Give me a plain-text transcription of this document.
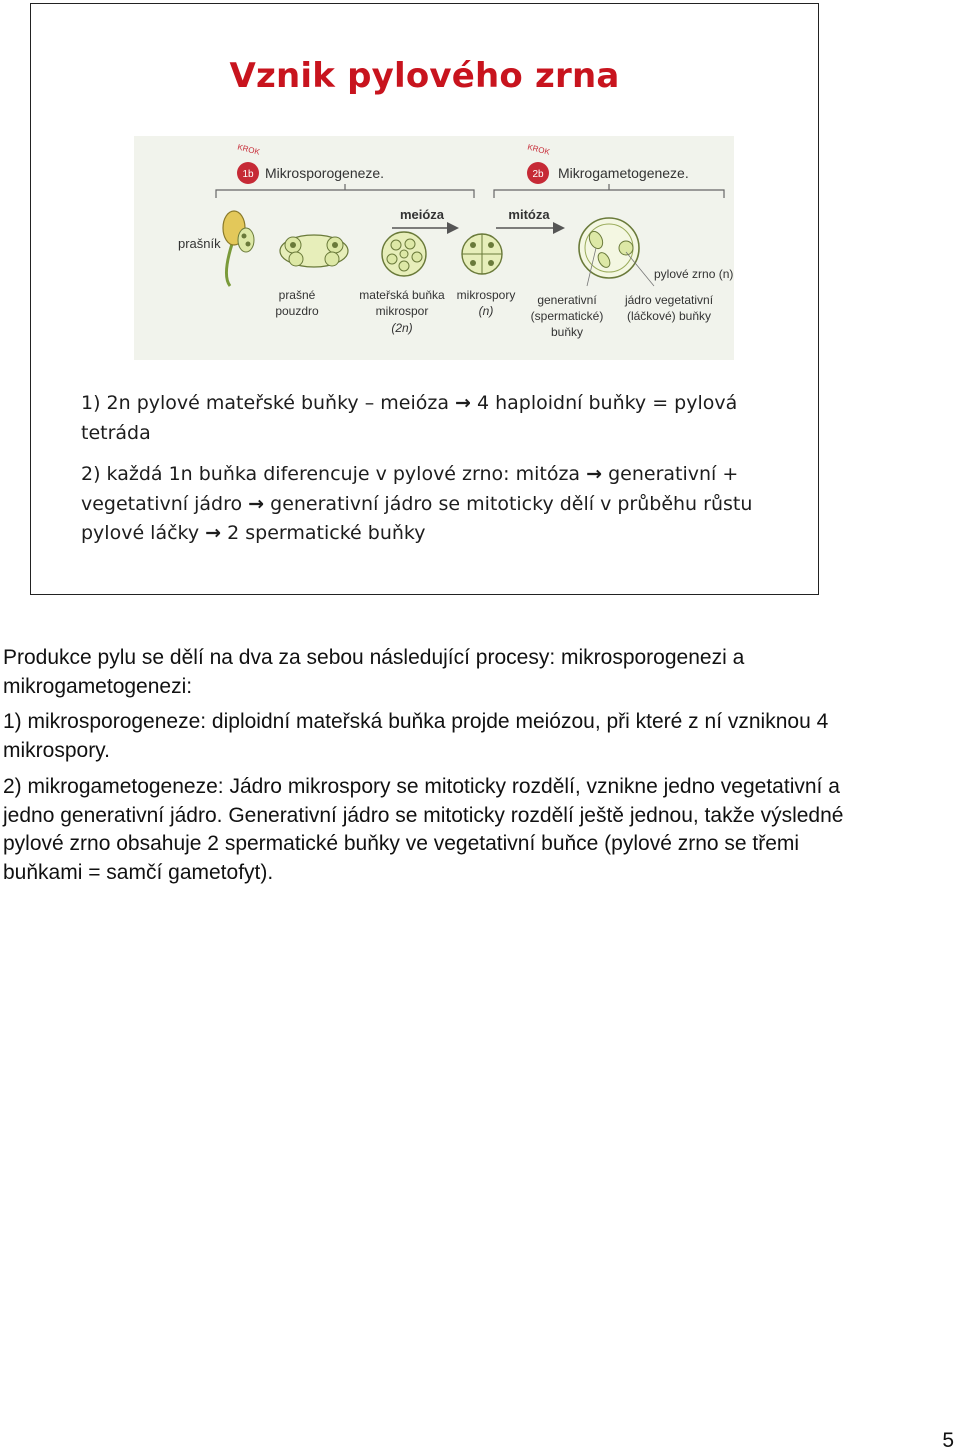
Vznik pylového zrna
1b
KROK
Mikrosporogeneze.	2b
KROK
Mikrogametogeneze.
meióza	mitóza
prašník
prašné
pouzdro
mateřská buňka
mikrospor
(2n)
mikrospory
(n)
pylové zrno (n)
generativní
(spermatické)
buňky
jádro vegetativní
(láčkové) buňky
1) 2n pylové mateřské buňky – meióza → 4 haploidní buňky = pylová tetráda
2) každá 1n buňka diferencuje v pylové zrno: mitóza → generativní + vegetativní jádro → generativní jádro se mitoticky dělí v průběhu růstu pylové láčky → 2 spermatické buňky
Produkce pylu se dělí na dva za sebou následující procesy: mikrosporogenezi a mikrogametogenezi:
1) mikrosporogeneze: diploidní mateřská buňka projde meiózou, při které z ní vzniknou 4 mikrospory.
2) mikrogametogeneze: Jádro mikrospory se mitoticky rozdělí, vznikne jedno vegetativní a jedno generativní jádro. Generativní jádro se mitoticky rozdělí ještě jednou, takže výsledné pylové zrno obsahuje 2 spermatické buňky ve vegetativní buňce (pylové zrno se třemi buňkami = samčí gametofyt).
5
